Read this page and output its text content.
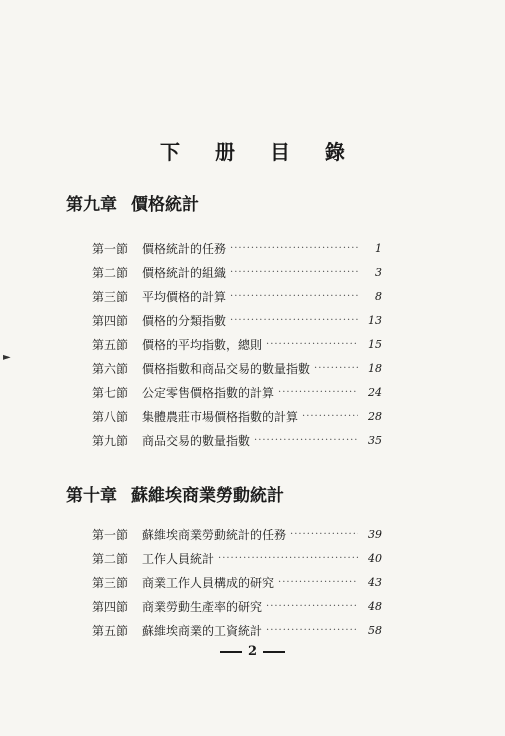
下 册 目 錄
第九章 價格統計
第一節	價格統計的任務 ·····	1
第二節	價格統計的組織 ·····	3
第三節	平均價格的計算 ·····	8
第四節	價格的分類指數 ·····	13
第五節	價格的平均指數，總則 ·····	15
第六節	價格指數和商品交易的數量指數 ·····	18
第七節	公定零售價格指數的計算 ·····	24
第八節	集體農莊市場價格指數的計算 ·····	28
第九節	商品交易的數量指數 ·····	35
第十章 蘇維埃商業勞動統計
第一節	蘇維埃商業勞動統計的任務 ·····	39
第二節	工作人員統計 ·····	40
第三節	商業工作人員構成的研究 ·····	43
第四節	商業勞動生產率的研究 ·····	48
第五節	蘇維埃商業的工資統計 ·····	58
2
►
